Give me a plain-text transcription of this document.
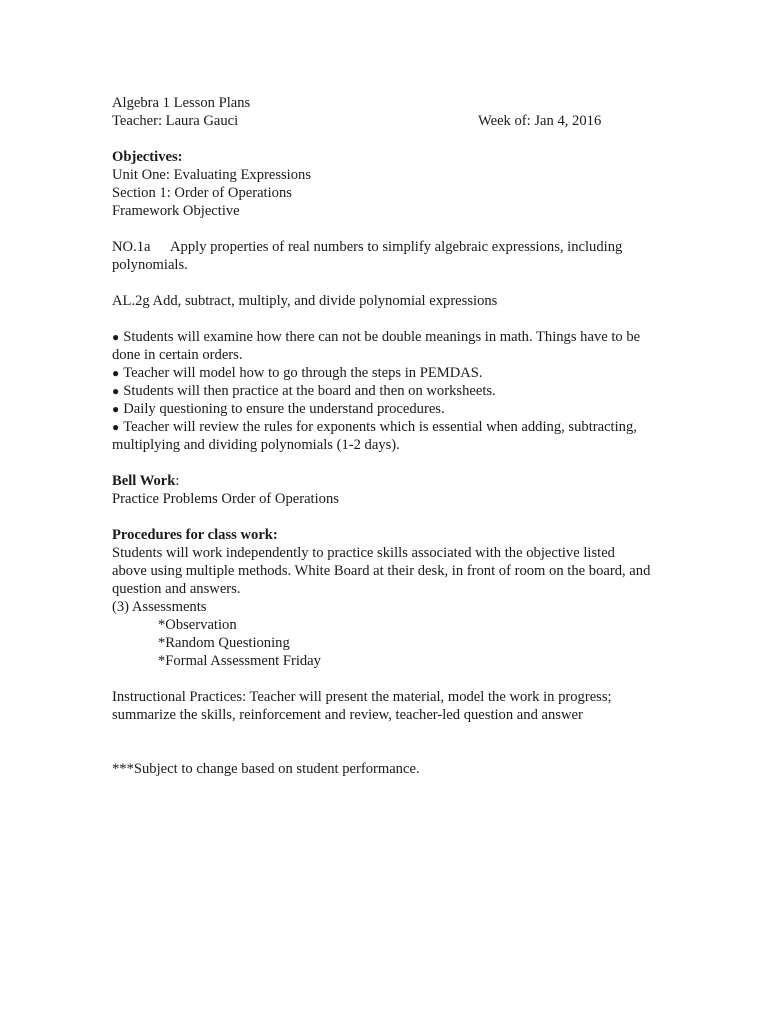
Algebra 1 Lesson Plans
Teacher: Laura Gauci	Week of: Jan 4, 2016
Objectives:
Unit One: Evaluating Expressions
Section 1: Order of Operations
Framework Objective
NO.1a Apply properties of real numbers to simplify algebraic expressions, including polynomials.
AL.2g Add, subtract, multiply, and divide polynomial expressions
● Students will examine how there can not be double meanings in math. Things have to be done in certain orders.
● Teacher will model how to go through the steps in PEMDAS.
● Students will then practice at the board and then on worksheets.
● Daily questioning to ensure the understand procedures.
● Teacher will review the rules for exponents which is essential when adding, subtracting, multiplying and dividing polynomials (1-2 days).
Bell Work:
Practice Problems Order of Operations
Procedures for class work:
Students will work independently to practice skills associated with the objective listed above using multiple methods. White Board at their desk, in front of room on the board, and question and answers.
(3) Assessments
*Observation
*Random Questioning
*Formal Assessment Friday
Instructional Practices: Teacher will present the material, model the work in progress; summarize the skills, reinforcement and review, teacher-led question and answer
***Subject to change based on student performance.
